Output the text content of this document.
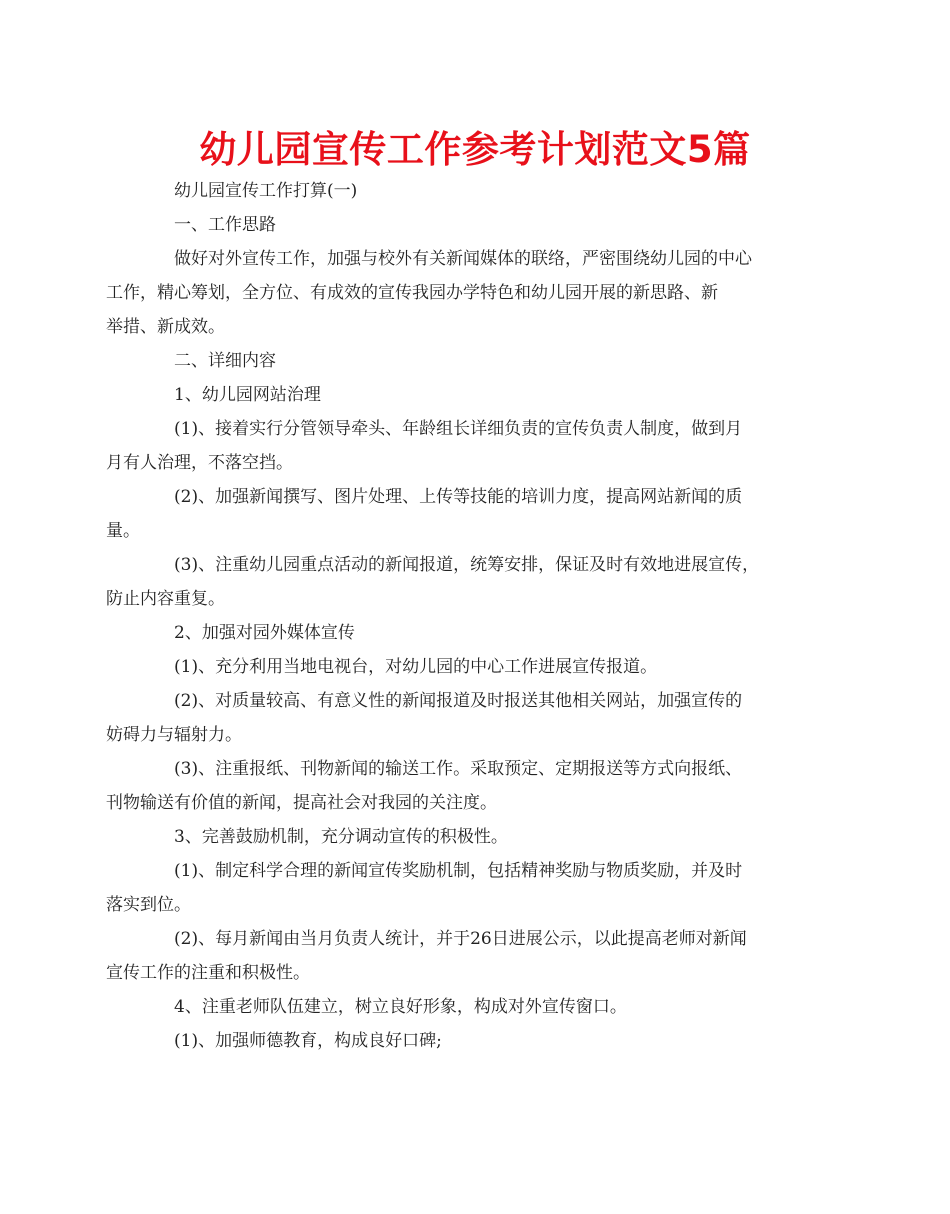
幼儿园宣传工作参考计划范文5篇
幼儿园宣传工作打算(一)
一、工作思路
做好对外宣传工作，加强与校外有关新闻媒体的联络，严密围绕幼儿园的中心
工作，精心筹划，全方位、有成效的宣传我园办学特色和幼儿园开展的新思路、新
举措、新成效。
二、详细内容
1、幼儿园网站治理
(1)、接着实行分管领导牵头、年龄组长详细负责的宣传负责人制度，做到月
月有人治理，不落空挡。
(2)、加强新闻撰写、图片处理、上传等技能的培训力度，提高网站新闻的质
量。
(3)、注重幼儿园重点活动的新闻报道，统筹安排，保证及时有效地进展宣传，
防止内容重复。
2、加强对园外媒体宣传
(1)、充分利用当地电视台，对幼儿园的中心工作进展宣传报道。
(2)、对质量较高、有意义性的新闻报道及时报送其他相关网站，加强宣传的
妨碍力与辐射力。
(3)、注重报纸、刊物新闻的输送工作。采取预定、定期报送等方式向报纸、
刊物输送有价值的新闻，提高社会对我园的关注度。
3、完善鼓励机制，充分调动宣传的积极性。
(1)、制定科学合理的新闻宣传奖励机制，包括精神奖励与物质奖励，并及时
落实到位。
(2)、每月新闻由当月负责人统计，并于26日进展公示，以此提高老师对新闻
宣传工作的注重和积极性。
4、注重老师队伍建立，树立良好形象，构成对外宣传窗口。
(1)、加强师德教育，构成良好口碑;
